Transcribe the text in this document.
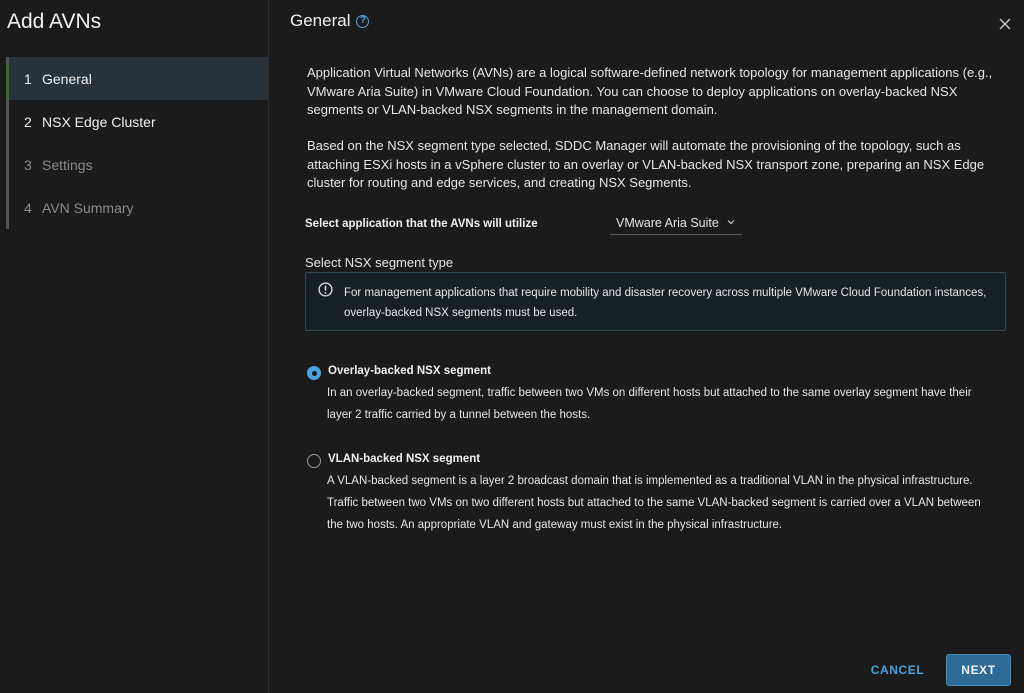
Add AVNs
1 General
2 NSX Edge Cluster
3 Settings
4 AVN Summary
General ?

Application Virtual Networks (AVNs) are a logical software-defined network topology for management applications (e.g., VMware Aria Suite) in VMware Cloud Foundation. You can choose to deploy applications on overlay-backed NSX segments or VLAN-backed NSX segments in the management domain.

Based on the NSX segment type selected, SDDC Manager will automate the provisioning of the topology, such as attaching ESXi hosts in a vSphere cluster to an overlay or VLAN-backed NSX transport zone, preparing an NSX Edge cluster for routing and edge services, and creating NSX Segments.

Select application that the AVNs will utilize	VMware Aria Suite
Select NSX segment type
For management applications that require mobility and disaster recovery across multiple VMware Cloud Foundation instances, overlay-backed NSX segments must be used.
Overlay-backed NSX segment
In an overlay-backed segment, traffic between two VMs on different hosts but attached to the same overlay segment have their layer 2 traffic carried by a tunnel between the hosts.
VLAN-backed NSX segment
A VLAN-backed segment is a layer 2 broadcast domain that is implemented as a traditional VLAN in the physical infrastructure. Traffic between two VMs on two different hosts but attached to the same VLAN-backed segment is carried over a VLAN between the two hosts. An appropriate VLAN and gateway must exist in the physical infrastructure.
CANCEL	NEXT
